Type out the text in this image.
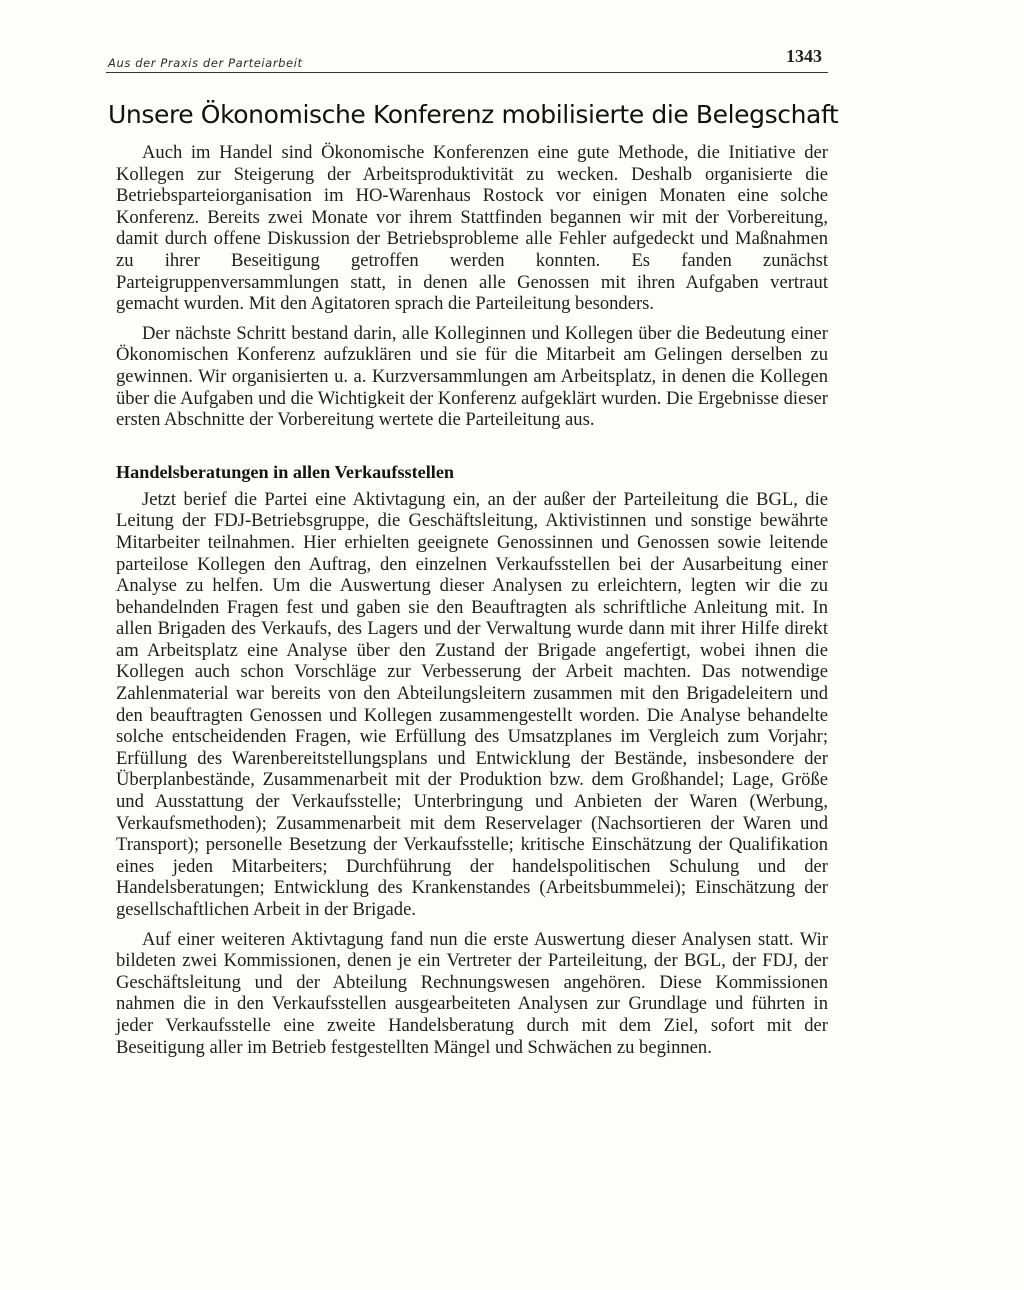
Aus der Praxis der Parteiarbeit	1343
Unsere Ökonomische Konferenz mobilisierte die Belegschaft

Auch im Handel sind Ökonomische Konferenzen eine gute Methode, die Initiative der Kollegen zur Steigerung der Arbeitsproduktivität zu wecken. Deshalb organisierte die Betriebsparteiorganisation im HO-Warenhaus Rostock vor einigen Monaten eine solche Konferenz. Bereits zwei Monate vor ihrem Stattfinden begannen wir mit der Vorbereitung, damit durch offene Diskussion der Betriebsprobleme alle Fehler aufgedeckt und Maßnahmen zu ihrer Beseitigung getroffen werden konnten. Es fanden zunächst Parteigruppenversammlungen statt, in denen alle Genossen mit ihren Aufgaben vertraut gemacht wurden. Mit den Agitatoren sprach die Parteileitung besonders.

Der nächste Schritt bestand darin, alle Kolleginnen und Kollegen über die Bedeutung einer Ökonomischen Konferenz aufzuklären und sie für die Mitarbeit am Gelingen derselben zu gewinnen. Wir organisierten u. a. Kurzversammlungen am Arbeitsplatz, in denen die Kollegen über die Aufgaben und die Wichtigkeit der Konferenz aufgeklärt wurden. Die Ergebnisse dieser ersten Abschnitte der Vorbereitung wertete die Parteileitung aus.

Handelsberatungen in allen Verkaufsstellen

Jetzt berief die Partei eine Aktivtagung ein, an der außer der Parteileitung die BGL, die Leitung der FDJ-Betriebsgruppe, die Geschäftsleitung, Aktivistinnen und sonstige bewährte Mitarbeiter teilnahmen. Hier erhielten geeignete Genossinnen und Genossen sowie leitende parteilose Kollegen den Auftrag, den einzelnen Verkaufsstellen bei der Ausarbeitung einer Analyse zu helfen. Um die Auswertung dieser Analysen zu erleichtern, legten wir die zu behandelnden Fragen fest und gaben sie den Beauftragten als schriftliche Anleitung mit. In allen Brigaden des Verkaufs, des Lagers und der Verwaltung wurde dann mit ihrer Hilfe direkt am Arbeitsplatz eine Analyse über den Zustand der Brigade angefertigt, wobei ihnen die Kollegen auch schon Vorschläge zur Verbesserung der Arbeit machten. Das notwendige Zahlenmaterial war bereits von den Abteilungsleitern zusammen mit den Brigadeleitern und den beauftragten Genossen und Kollegen zusammengestellt worden. Die Analyse behandelte solche entscheidenden Fragen, wie Erfüllung des Umsatzplanes im Vergleich zum Vorjahr; Erfüllung des Warenbereitstellungsplans und Entwicklung der Bestände, insbesondere der Überplanbestände, Zusammenarbeit mit der Produktion bzw. dem Großhandel; Lage, Größe und Ausstattung der Verkaufsstelle; Unterbringung und Anbieten der Waren (Werbung, Verkaufsmethoden); Zusammenarbeit mit dem Reservelager (Nachsortieren der Waren und Transport); personelle Besetzung der Verkaufsstelle; kritische Einschätzung der Qualifikation eines jeden Mitarbeiters; Durchführung der handelspolitischen Schulung und der Handelsberatungen; Entwicklung des Krankenstandes (Arbeitsbummelei); Einschätzung der gesellschaftlichen Arbeit in der Brigade.

Auf einer weiteren Aktivtagung fand nun die erste Auswertung dieser Analysen statt. Wir bildeten zwei Kommissionen, denen je ein Vertreter der Parteileitung, der BGL, der FDJ, der Geschäftsleitung und der Abteilung Rechnungswesen angehören. Diese Kommissionen nahmen die in den Verkaufsstellen ausgearbeiteten Analysen zur Grundlage und führten in jeder Verkaufsstelle eine zweite Handelsberatung durch mit dem Ziel, sofort mit der Beseitigung aller im Betrieb festgestellten Mängel und Schwächen zu beginnen.
